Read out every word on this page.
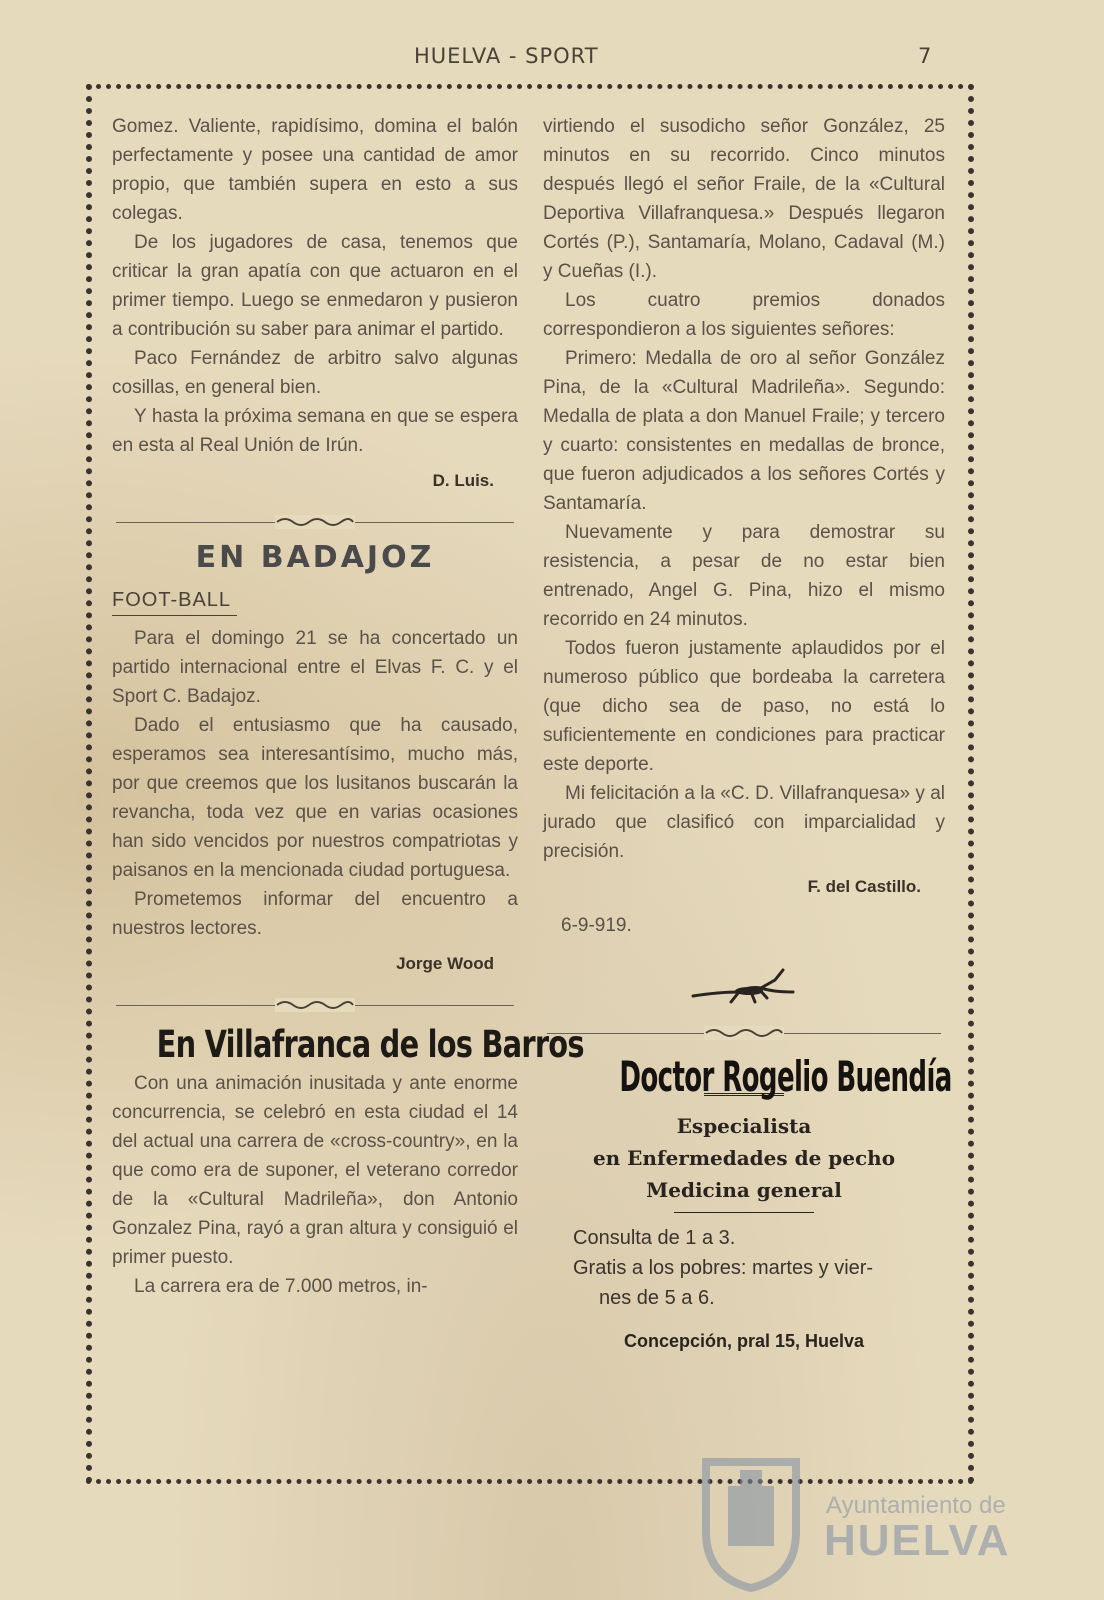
HUELVA - SPORT	7

Gomez. Valiente, rapidísimo, domina el balón perfectamente y posee una cantidad de amor propio, que también supera en esto a sus colegas.

De los jugadores de casa, tenemos que criticar la gran apatía con que actuaron en el primer tiempo. Luego se enmedaron y pusieron a contribución su saber para animar el partido.

Paco Fernández de arbitro salvo algunas cosillas, en general bien.

Y hasta la próxima semana en que se espera en esta al Real Unión de Irún.

D. Luis.
EN BADAJOZ
FOOT-BALL

Para el domingo 21 se ha concertado un partido internacional entre el Elvas F. C. y el Sport C. Badajoz.

Dado el entusiasmo que ha causado, esperamos sea interesantísimo, mucho más, por que creemos que los lusitanos buscarán la revancha, toda vez que en varias ocasiones han sido vencidos por nuestros compatriotas y paisanos en la mencionada ciudad portuguesa.

Prometemos informar del encuentro a nuestros lectores.

Jorge Wood
En Villafranca de los Barros

Con una animación inusitada y ante enorme concurrencia, se celebró en esta ciudad el 14 del actual una carrera de «cross-country», en la que como era de suponer, el veterano corredor de la «Cultural Madrileña», don Antonio Gonzalez Pina, rayó a gran altura y consiguió el primer puesto.

La carrera era de 7.000 metros, in-

virtiendo el susodicho señor González, 25 minutos en su recorrido. Cinco minutos después llegó el señor Fraile, de la «Cultural Deportiva Villafranquesa.» Después llegaron Cortés (P.), Santamaría, Molano, Cadaval (M.) y Cueñas (I.).

Los cuatro premios donados correspondieron a los siguientes señores:

Primero: Medalla de oro al señor González Pina, de la «Cultural Madrileña». Segundo: Medalla de plata a don Manuel Fraile; y tercero y cuarto: consistentes en medallas de bronce, que fueron adjudicados a los señores Cortés y Santamaría.

Nuevamente y para demostrar su resistencia, a pesar de no estar bien entrenado, Angel G. Pina, hizo el mismo recorrido en 24 minutos.

Todos fueron justamente aplaudidos por el numeroso público que bordeaba la carretera (que dicho sea de paso, no está lo suficientemente en condiciones para practicar este deporte.

Mi felicitación a la «C. D. Villafranquesa» y al jurado que clasificó con imparcialidad y precisión.

F. del Castillo.
6-9-919.
Doctor Rogelio Buendía
Especialista
en Enfermedades de pecho
Medicina general
Consulta de 1 a 3.
Gratis a los pobres: martes y vier-
nes de 5 a 6.
Concepción, pral 15, Huelva
Ayuntamiento de
HUELVA
